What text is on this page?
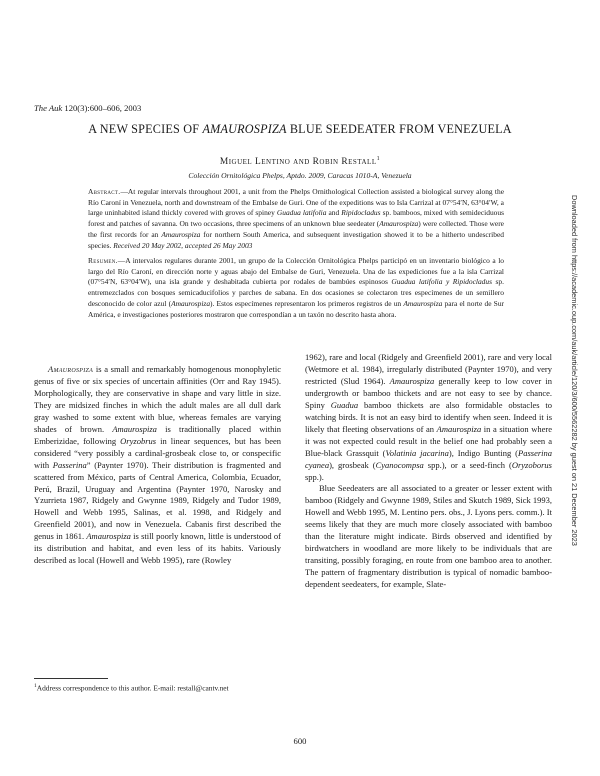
The Auk 120(3):600–606, 2003
A NEW SPECIES OF AMAUROSPIZA BLUE SEEDEATER FROM VENEZUELA
Miguel Lentino and Robin Restall$^1$
Colección Ornitológica Phelps, Aptdo. 2009, Caracas 1010-A, Venezuela
Abstract.—At regular intervals throughout 2001, a unit from the Phelps Ornithological Collection assisted a biological survey along the Río Caroní in Venezuela, north and downstream of the Embalse de Guri. One of the expeditions was to Isla Carrizal at 07°54′N, 63°04′W, a large uninhabited island thickly covered with groves of spiney Guadua latifolia and Ripidocladus sp. bamboos, mixed with semideciduous forest and patches of savanna. On two occasions, three specimens of an unknown blue seedeater (Amaurospiza) were collected. Those were the first records for an Amaurospiza for northern South America, and subsequent investigation showed it to be a hitherto undescribed species. Received 20 May 2002, accepted 26 May 2003
Resumen.—A intervalos regulares durante 2001, un grupo de la Colección Ornitológica Phelps participó en un inventario biológico a lo largo del Río Caroní, en dirección norte y aguas abajo del Embalse de Guri, Venezuela. Una de las expediciones fue a la isla Carrizal (07°54′N, 63°04′W), una isla grande y deshabitada cubierta por rodales de bambúes espinosos Guadua latifolia y Ripidocladus sp. entremezclados con bosques semicaducifolios y parches de sabana. En dos ocasiones se colectaron tres especímenes de un semillero desconocido de color azul (Amaurospiza). Estos especímenes representaron los primeros registros de un Amaurospiza para el norte de Sur América, e investigaciones posteriores mostraron que correspondían a un taxón no descrito hasta ahora.

Amaurospiza is a small and remarkably homogenous monophyletic genus of five or six species of uncertain affinities (Orr and Ray 1945). Morphologically, they are conservative in shape and vary little in size. They are midsized finches in which the adult males are all dull dark gray washed to some extent with blue, whereas females are varying shades of brown. Amaurospiza is traditionally placed within Emberizidae, following Oryzobrus in linear sequences, but has been considered “very possibly a cardinal-grosbeak close to, or conspecific with Passerina” (Paynter 1970). Their distribution is fragmented and scattered from México, parts of Central America, Colombia, Ecuador, Perú, Brazil, Uruguay and Argentina (Paynter 1970, Narosky and Yzurrieta 1987, Ridgely and Gwynne 1989, Ridgely and Tudor 1989, Howell and Webb 1995, Salinas, et al. 1998, and Ridgely and Greenfield 2001), and now in Venezuela. Cabanis first described the genus in 1861. Amaurospiza is still poorly known, little is understood of its distribution and habitat, and even less of its habits. Variously described as local (Howell and Webb 1995), rare (Rowley

1962), rare and local (Ridgely and Greenfield 2001), rare and very local (Wetmore et al. 1984), irregularly distributed (Paynter 1970), and very restricted (Slud 1964). Amaurospiza generally keep to low cover in undergrowth or bamboo thickets and are not easy to see by chance. Spiny Guadua bamboo thickets are also formidable obstacles to watching birds. It is not an easy bird to identify when seen. Indeed it is likely that fleeting observations of an Amaurospiza in a situation where it was not expected could result in the belief one had probably seen a Blue-black Grassquit (Volatinia jacarina), Indigo Bunting (Passerina cyanea), grosbeak (Cyanocompsa spp.), or a seed-finch (Oryzoborus spp.).

Blue Seedeaters are all associated to a greater or lesser extent with bamboo (Ridgely and Gwynne 1989, Stiles and Skutch 1989, Sick 1993, Howell and Webb 1995, M. Lentino pers. obs., J. Lyons pers. comm.). It seems likely that they are much more closely associated with bamboo than the literature might indicate. Birds observed and identified by birdwatchers in woodland are more likely to be individuals that are transiting, possibly foraging, en route from one bamboo area to another. The pattern of fragmentary distribution is typical of nomadic bamboo-dependent seedeaters, for example, Slate-

$^1$Address correspondence to this author. E-mail: restall@cantv.net
600
Downloaded from https://academic.oup.com/auk/article/120/3/600/5562282 by guest on 21 December 2023
